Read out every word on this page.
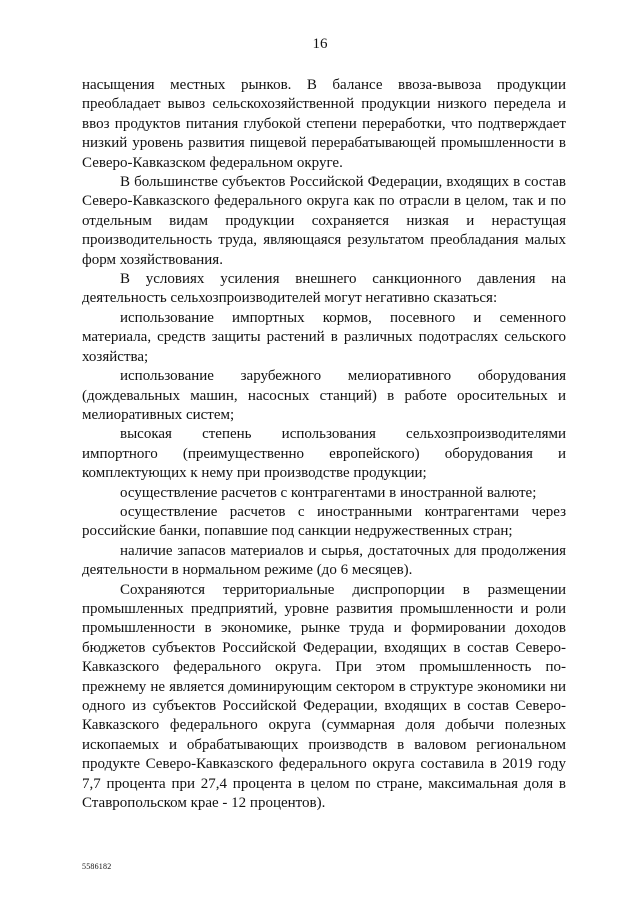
16

насыщения местных рынков. В балансе ввоза-вывоза продукции преобладает вывоз сельскохозяйственной продукции низкого передела и ввоз продуктов питания глубокой степени переработки, что подтверждает низкий уровень развития пищевой перерабатывающей промышленности в Северо-Кавказском федеральном округе.

В большинстве субъектов Российской Федерации, входящих в состав Северо-Кавказского федерального округа как по отрасли в целом, так и по отдельным видам продукции сохраняется низкая и нерастущая производительность труда, являющаяся результатом преобладания малых форм хозяйствования.

В условиях усиления внешнего санкционного давления на деятельность сельхозпроизводителей могут негативно сказаться:

использование импортных кормов, посевного и семенного материала, средств защиты растений в различных подотраслях сельского хозяйства;

использование зарубежного мелиоративного оборудования (дождевальных машин, насосных станций) в работе оросительных и мелиоративных систем;

высокая степень использования сельхозпроизводителями импортного (преимущественно европейского) оборудования и комплектующих к нему при производстве продукции;

осуществление расчетов с контрагентами в иностранной валюте;

осуществление расчетов с иностранными контрагентами через российские банки, попавшие под санкции недружественных стран;

наличие запасов материалов и сырья, достаточных для продолжения деятельности в нормальном режиме (до 6 месяцев).

Сохраняются территориальные диспропорции в размещении промышленных предприятий, уровне развития промышленности и роли промышленности в экономике, рынке труда и формировании доходов бюджетов субъектов Российской Федерации, входящих в состав Северо-Кавказского федерального округа. При этом промышленность по-прежнему не является доминирующим сектором в структуре экономики ни одного из субъектов Российской Федерации, входящих в состав Северо-Кавказского федерального округа (суммарная доля добычи полезных ископаемых и обрабатывающих производств в валовом региональном продукте Северо-Кавказского федерального округа составила в 2019 году 7,7 процента при 27,4 процента в целом по стране, максимальная доля в Ставропольском крае - 12 процентов).

5586182
